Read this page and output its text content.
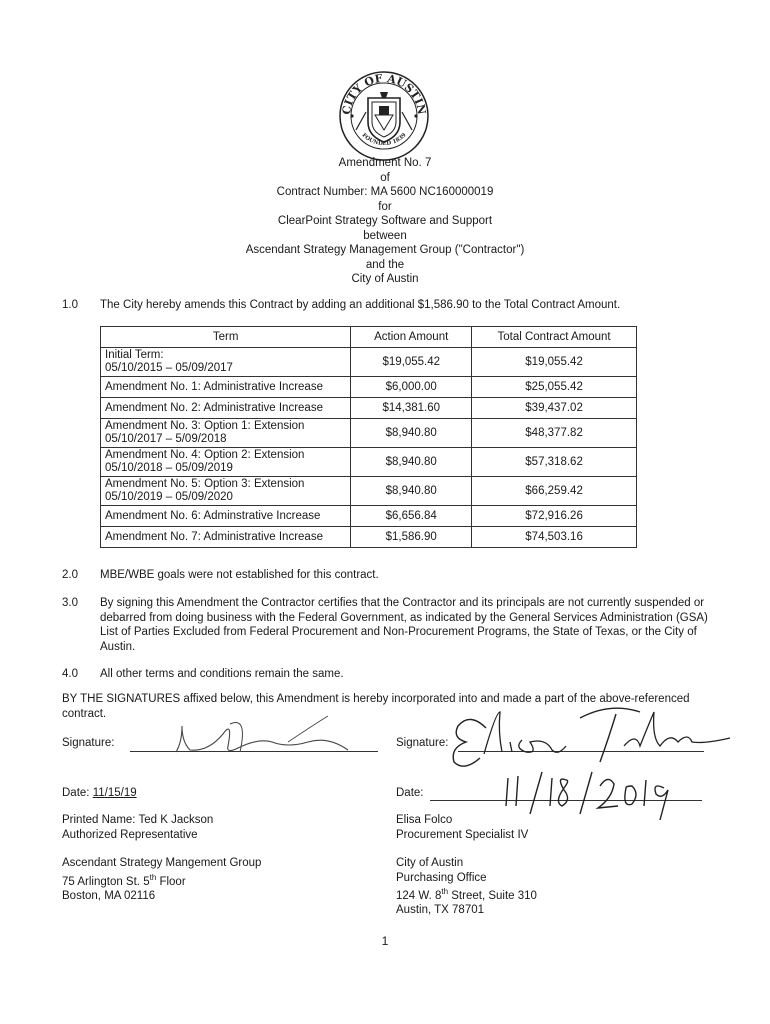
CITY OF AUSTIN
FOUNDED 1839
Amendment No. 7
of
Contract Number: MA 5600 NC160000019
for
ClearPoint Strategy Software and Support
between
Ascendant Strategy Management Group ("Contractor")
and the
City of Austin
1.0	The City hereby amends this Contract by adding an additional $1,586.90 to the Total Contract Amount.
Term	Action Amount	Total Contract Amount

Initial Term:
05/10/2015 – 05/09/2017	$19,055.42	$19,055.42
Amendment No. 1: Administrative Increase	$6,000.00	$25,055.42
Amendment No. 2: Administrative Increase	$14,381.60	$39,437.02

Amendment No. 3: Option 1: Extension
05/10/2017 – 5/09/2018	$8,940.80	$48,377.82

Amendment No. 4: Option 2: Extension
05/10/2018 – 05/09/2019	$8,940.80	$57,318.62

Amendment No. 5: Option 3: Extension
05/10/2019 – 05/09/2020	$8,940.80	$66,259.42
Amendment No. 6: Adminstrative Increase	$6,656.84	$72,916.26
Amendment No. 7: Administrative Increase	$1,586.90	$74,503.16
2.0	MBE/WBE goals were not established for this contract.
3.0	By signing this Amendment the Contractor certifies that the Contractor and its principals are not currently suspended or debarred from doing business with the Federal Government, as indicated by the General Services Administration (GSA) List of Parties Excluded from Federal Procurement and Non-Procurement Programs, the State of Texas, or the City of Austin.
4.0	All other terms and conditions remain the same.
BY THE SIGNATURES affixed below, this Amendment is hereby incorporated into and made a part of the above-referenced contract.
Signature:
Date: 11/15/19
Printed Name: Ted K Jackson
Authorized Representative
Ascendant Strategy Mangement Group
75 Arlington St. 5th Floor
Boston, MA 02116
Signature:
Date:
Elisa Folco
Procurement Specialist IV
City of Austin
Purchasing Office
124 W. 8th Street, Suite 310
Austin, TX 78701
1
